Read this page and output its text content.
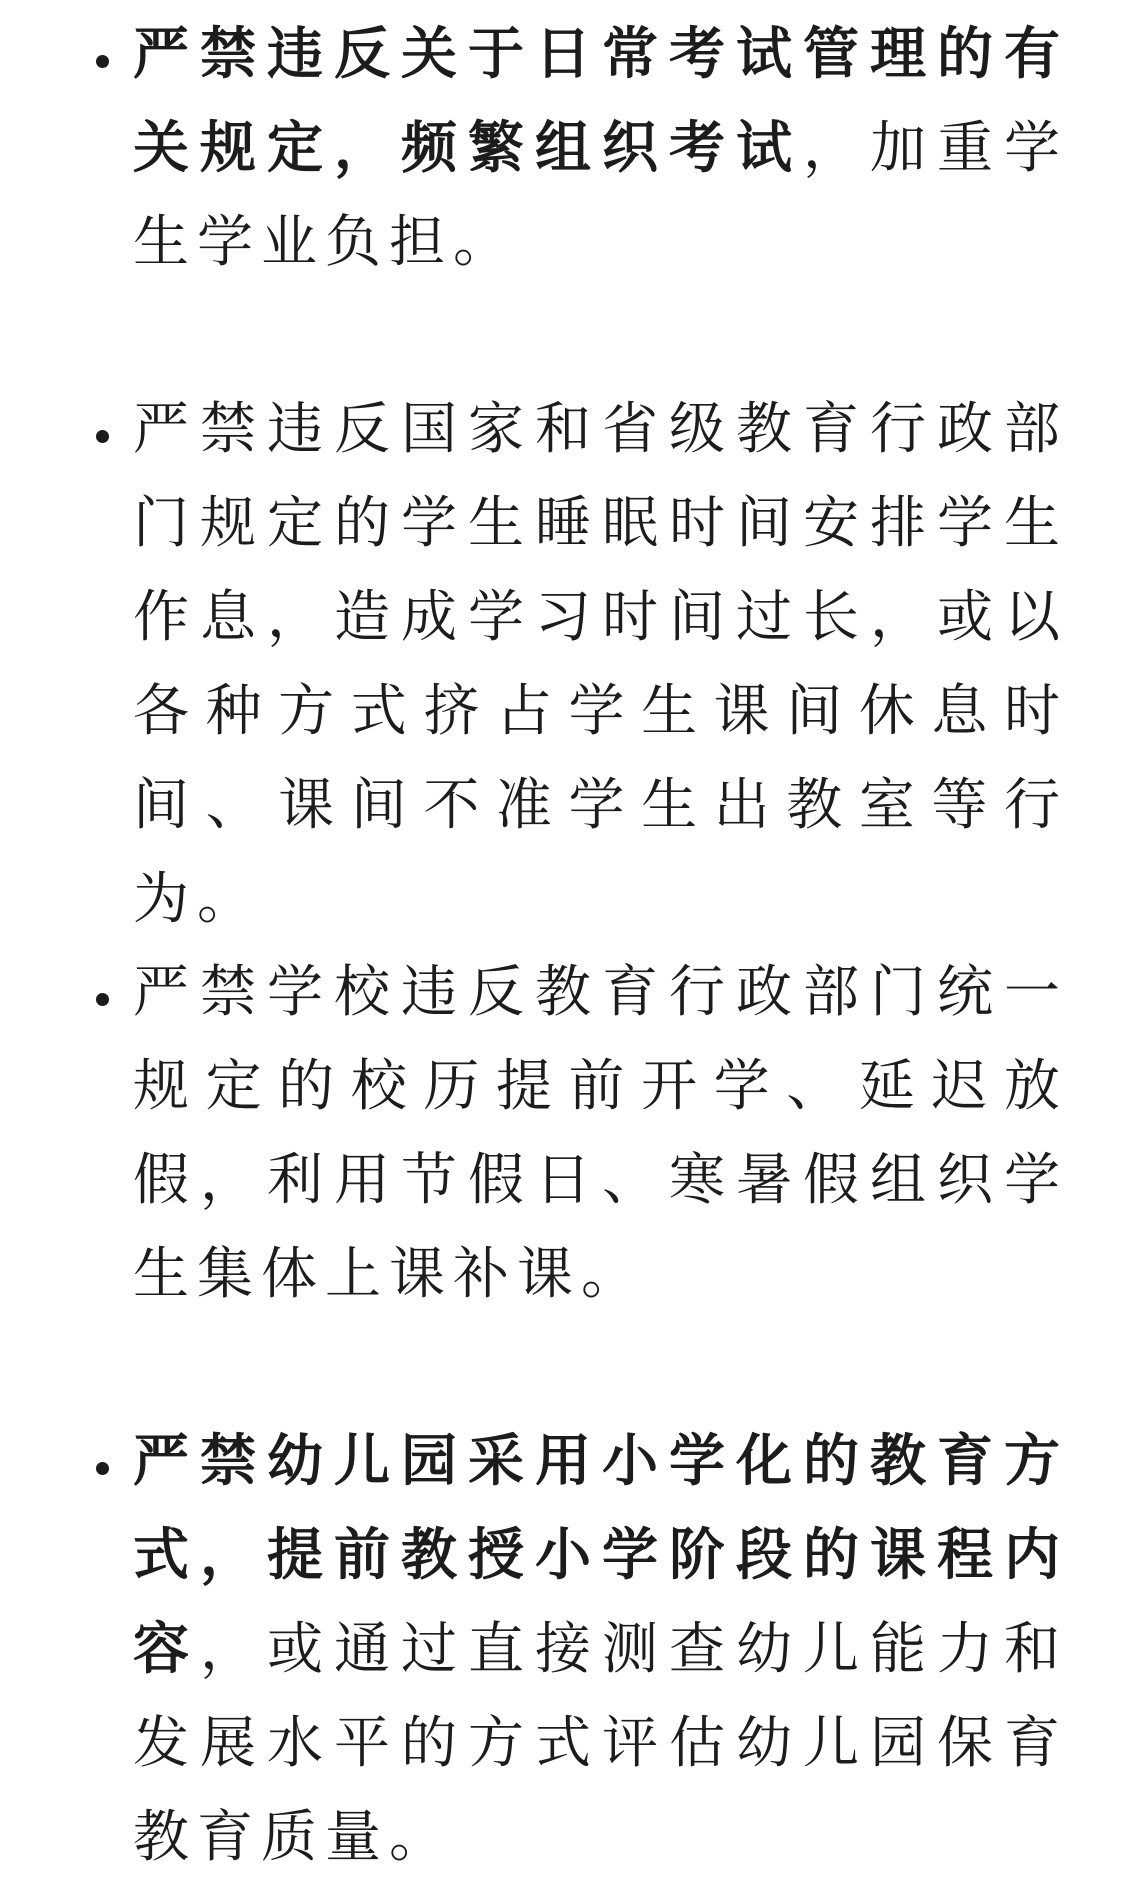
严禁违反关于日常考试管理的有关规定，频繁组织考试，加重学生学业负担。
严禁违反国家和省级教育行政部门规定的学生睡眠时间安排学生作息，造成学习时间过长，或以各种方式挤占学生课间休息时间、课间不准学生出教室等行为。
严禁学校违反教育行政部门统一规定的校历提前开学、延迟放假，利用节假日、寒暑假组织学生集体上课补课。
严禁幼儿园采用小学化的教育方式，提前教授小学阶段的课程内容，或通过直接测查幼儿能力和发展水平的方式评估幼儿园保育教育质量。
